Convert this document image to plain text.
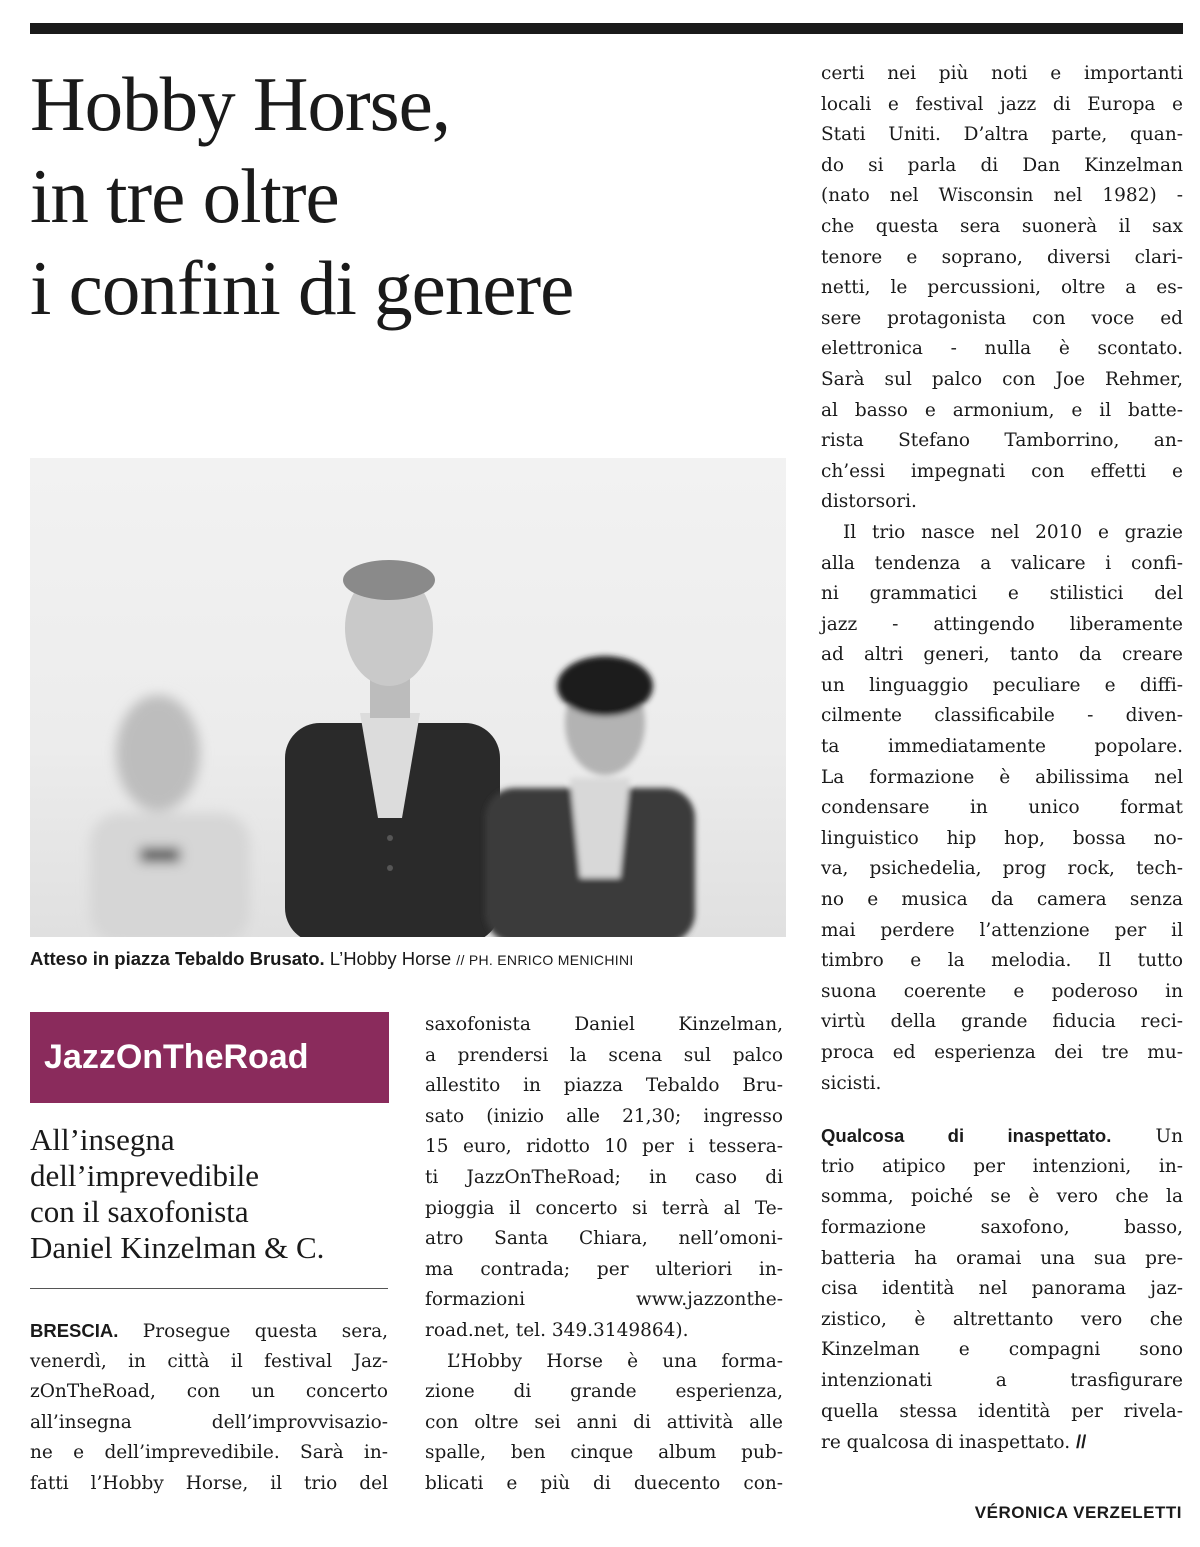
Hobby Horse,
in tre oltre
i confini di genere
Atteso in piazza Tebaldo Brusato. L’Hobby Horse // PH. ENRICO MENICHINI
JazzOnTheRoad
All’insegna
dell’imprevedibile
con il saxofonista
Daniel Kinzelman & C.
BRESCIA. Prosegue questa sera,
venerdì, in città il festival Jaz-
zOnTheRoad, con un concerto
all’insegna dell’improvvisazio-
ne e dell’imprevedibile. Sarà in-
fatti l’Hobby Horse, il trio del
saxofonista Daniel Kinzelman,
a prendersi la scena sul palco
allestito in piazza Tebaldo Bru-
sato (inizio alle 21,30; ingresso
15 euro, ridotto 10 per i tessera-
ti JazzOnTheRoad; in caso di
pioggia il concerto si terrà al Te-
atro Santa Chiara, nell’omoni-
ma contrada; per ulteriori in-
formazioni www.jazzonthe-
road.net, tel. 349.3149864).
L’Hobby Horse è una forma-
zione di grande esperienza,
con oltre sei anni di attività alle
spalle, ben cinque album pub-
blicati e più di duecento con-
certi nei più noti e importanti
locali e festival jazz di Europa e
Stati Uniti. D’altra parte, quan-
do si parla di Dan Kinzelman
(nato nel Wisconsin nel 1982) -
che questa sera suonerà il sax
tenore e soprano, diversi clari-
netti, le percussioni, oltre a es-
sere protagonista con voce ed
elettronica - nulla è scontato.
Sarà sul palco con Joe Rehmer,
al basso e armonium, e il batte-
rista Stefano Tamborrino, an-
ch’essi impegnati con effetti e
distorsori.
Il trio nasce nel 2010 e grazie
alla tendenza a valicare i confi-
ni grammatici e stilistici del
jazz - attingendo liberamente
ad altri generi, tanto da creare
un linguaggio peculiare e diffi-
cilmente classificabile - diven-
ta immediatamente popolare.
La formazione è abilissima nel
condensare in unico format
linguistico hip hop, bossa no-
va, psichedelia, prog rock, tech-
no e musica da camera senza
mai perdere l’attenzione per il
timbro e la melodia. Il tutto
suona coerente e poderoso in
virtù della grande fiducia reci-
proca ed esperienza dei tre mu-
sicisti.
Qualcosa di inaspettato. Un
trio atipico per intenzioni, in-
somma, poiché se è vero che la
formazione saxofono, basso,
batteria ha oramai una sua pre-
cisa identità nel panorama jaz-
zistico, è altrettanto vero che
Kinzelman e compagni sono
intenzionati a trasfigurare
quella stessa identità per rivela-
re qualcosa di inaspettato. //
VÉRONICA VERZELETTI
